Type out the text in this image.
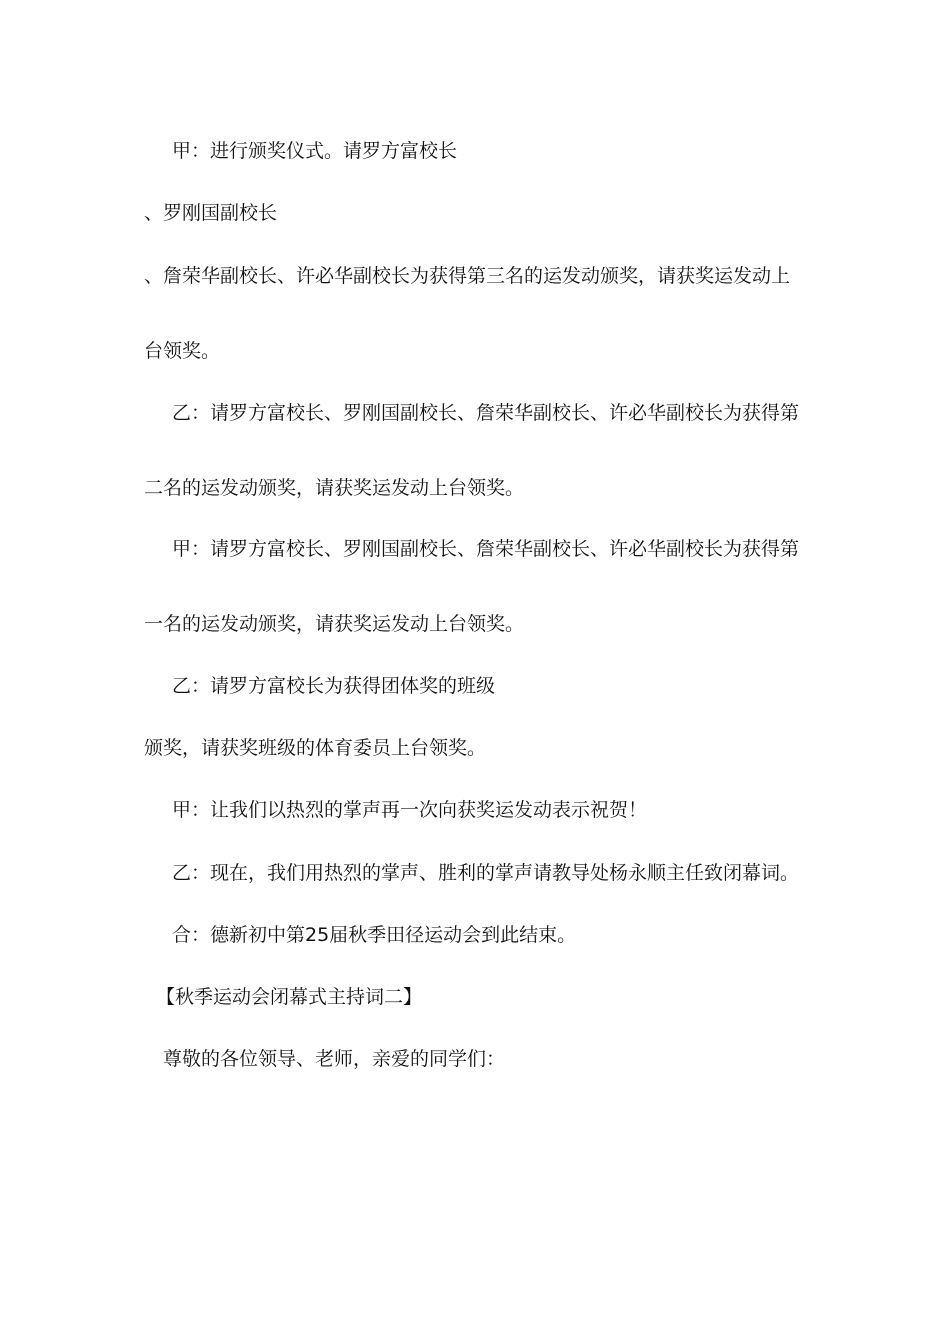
甲：进行颁奖仪式。请罗方富校长
、罗刚国副校长
、詹荣华副校长、许必华副校长为获得第三名的运发动颁奖，请获奖运发动上
台领奖。
乙：请罗方富校长、罗刚国副校长、詹荣华副校长、许必华副校长为获得第
二名的运发动颁奖，请获奖运发动上台领奖。
甲：请罗方富校长、罗刚国副校长、詹荣华副校长、许必华副校长为获得第
一名的运发动颁奖，请获奖运发动上台领奖。
乙：请罗方富校长为获得团体奖的班级
颁奖，请获奖班级的体育委员上台领奖。
甲：让我们以热烈的掌声再一次向获奖运发动表示祝贺！
乙：现在，我们用热烈的掌声、胜利的掌声请教导处杨永顺主任致闭幕词。
合：德新初中第25届秋季田径运动会到此结束。
【秋季运动会闭幕式主持词二】
尊敬的各位领导、老师，亲爱的同学们：
